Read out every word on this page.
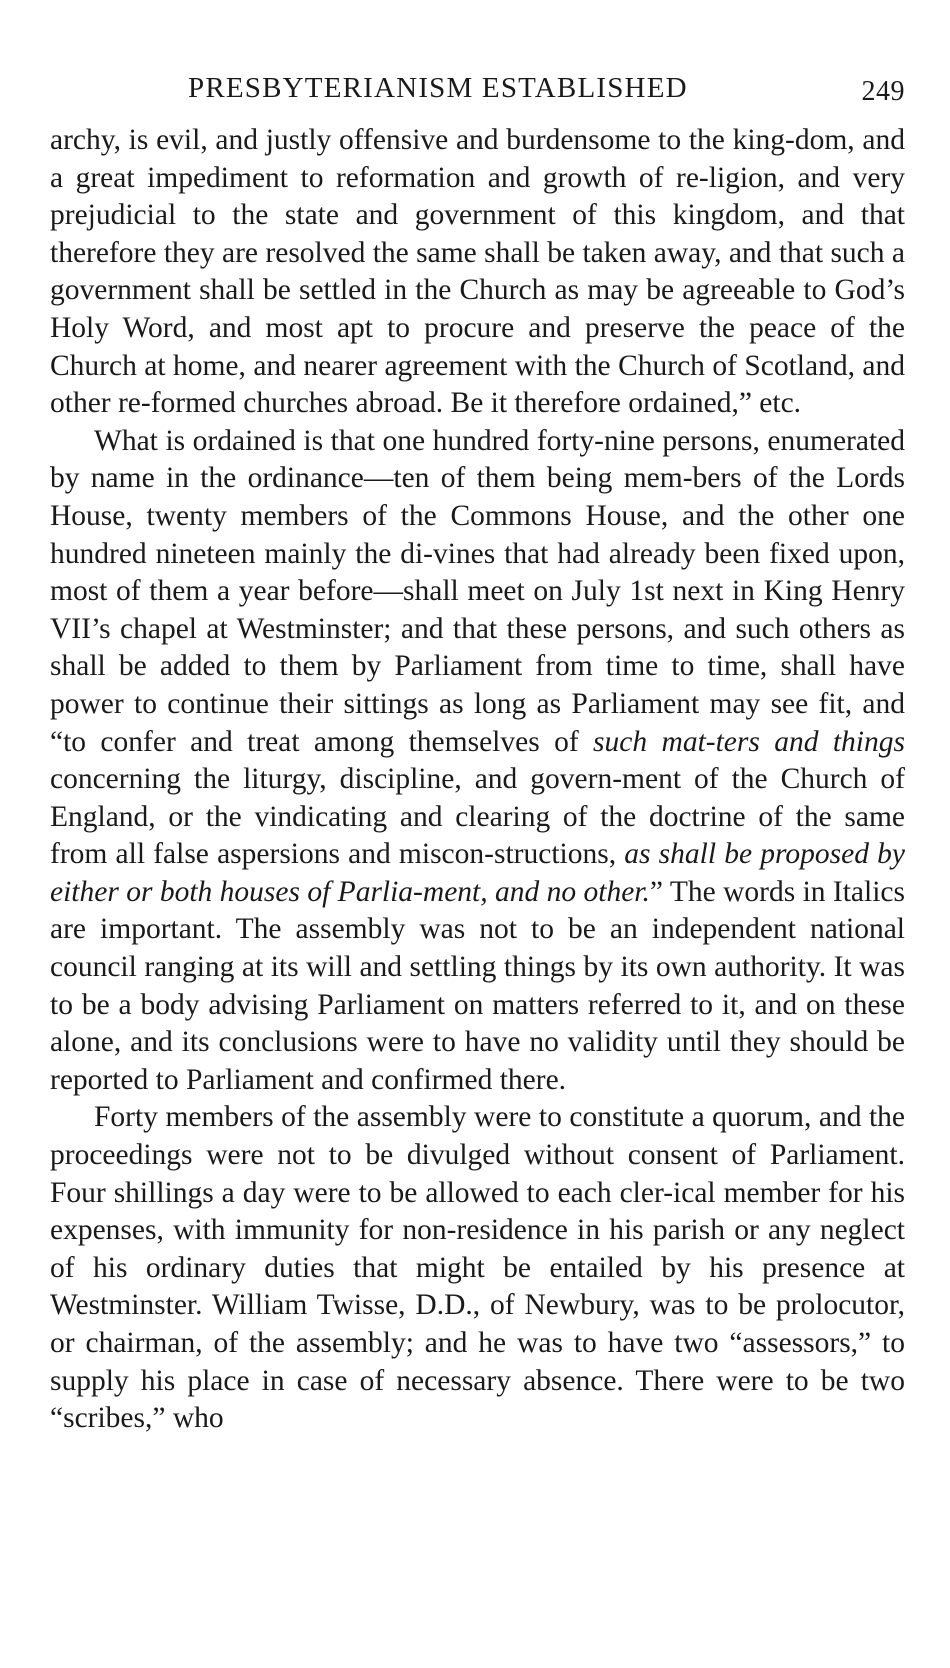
PRESBYTERIANISM ESTABLISHED	249

archy, is evil, and justly offensive and burdensome to the king-dom, and a great impediment to reformation and growth of re-ligion, and very prejudicial to the state and government of this kingdom, and that therefore they are resolved the same shall be taken away, and that such a government shall be settled in the Church as may be agreeable to God’s Holy Word, and most apt to procure and preserve the peace of the Church at home, and nearer agreement with the Church of Scotland, and other re-formed churches abroad. Be it therefore ordained,” etc.

What is ordained is that one hundred forty-nine persons, enumerated by name in the ordinance—ten of them being mem-bers of the Lords House, twenty members of the Commons House, and the other one hundred nineteen mainly the di-vines that had already been fixed upon, most of them a year before—shall meet on July 1st next in King Henry VII’s chapel at Westminster; and that these persons, and such others as shall be added to them by Parliament from time to time, shall have power to continue their sittings as long as Parliament may see fit, and “to confer and treat among themselves of such mat-ters and things concerning the liturgy, discipline, and govern-ment of the Church of England, or the vindicating and clearing of the doctrine of the same from all false aspersions and miscon-structions, as shall be proposed by either or both houses of Parlia-ment, and no other.” The words in Italics are important. The assembly was not to be an independent national council ranging at its will and settling things by its own authority. It was to be a body advising Parliament on matters referred to it, and on these alone, and its conclusions were to have no validity until they should be reported to Parliament and confirmed there.

Forty members of the assembly were to constitute a quorum, and the proceedings were not to be divulged without consent of Parliament. Four shillings a day were to be allowed to each cler-ical member for his expenses, with immunity for non-residence in his parish or any neglect of his ordinary duties that might be entailed by his presence at Westminster. William Twisse, D.D., of Newbury, was to be prolocutor, or chairman, of the assembly; and he was to have two “assessors,” to supply his place in case of necessary absence. There were to be two “scribes,” who
